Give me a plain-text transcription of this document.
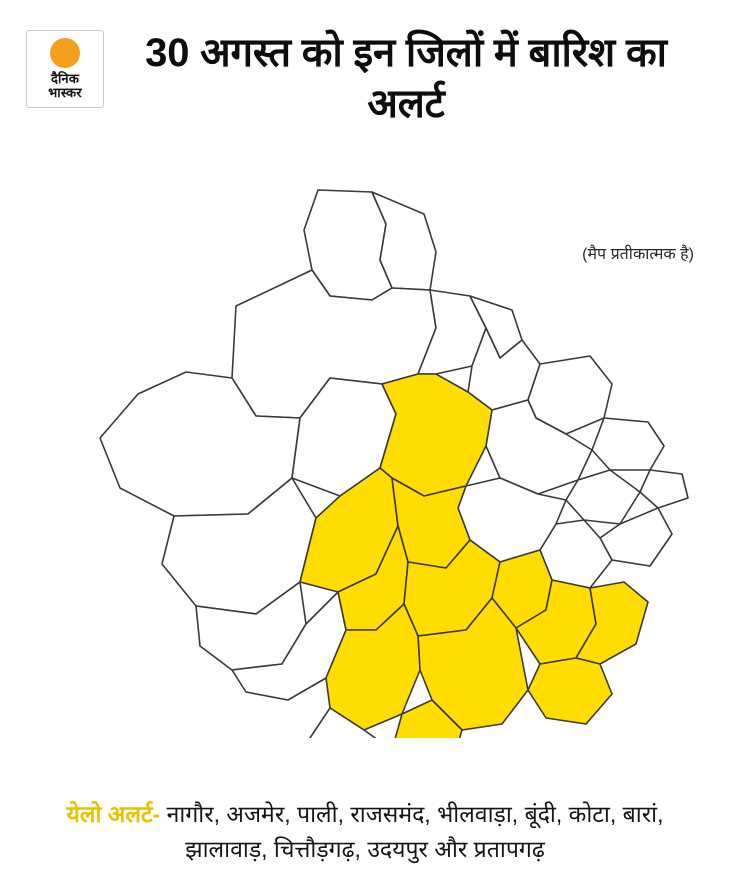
दैनिक
भास्कर
30 अगस्त को इन जिलों में बारिश का अलर्ट
(मैप प्रतीकात्मक है)
येलो अलर्ट- नागौर, अजमेर, पाली, राजसमंद, भीलवाड़ा, बूंदी, कोटा, बारां, झालावाड़, चित्तौड़गढ़, उदयपुर और प्रतापगढ़
